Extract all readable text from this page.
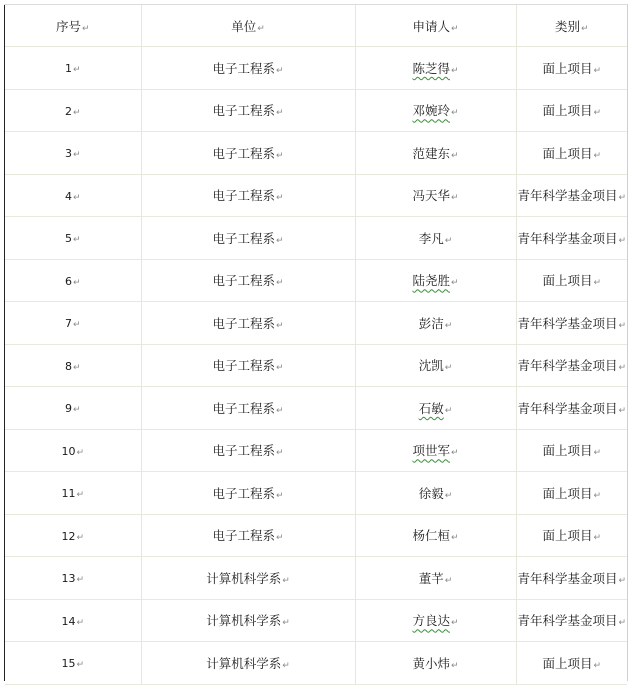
序号↵	单位↵	申请人↵	类别↵
1↵	电子工程系↵	陈芝得↵	面上项目↵
2↵	电子工程系↵	邓婉玲↵	面上项目↵
3↵	电子工程系↵	范建东↵	面上项目↵
4↵	电子工程系↵	冯天华↵	青年科学基金项目↵
5↵	电子工程系↵	李凡↵	青年科学基金项目↵
6↵	电子工程系↵	陆尧胜↵	面上项目↵
7↵	电子工程系↵	彭洁↵	青年科学基金项目↵
8↵	电子工程系↵	沈凯↵	青年科学基金项目↵
9↵	电子工程系↵	石敏↵	青年科学基金项目↵
10↵	电子工程系↵	项世军↵	面上项目↵
11↵	电子工程系↵	徐毅↵	面上项目↵
12↵	电子工程系↵	杨仁桓↵	面上项目↵
13↵	计算机科学系↵	董芊↵	青年科学基金项目↵
14↵	计算机科学系↵	方良达↵	青年科学基金项目↵
15↵	计算机科学系↵	黄小炜↵	面上项目↵
